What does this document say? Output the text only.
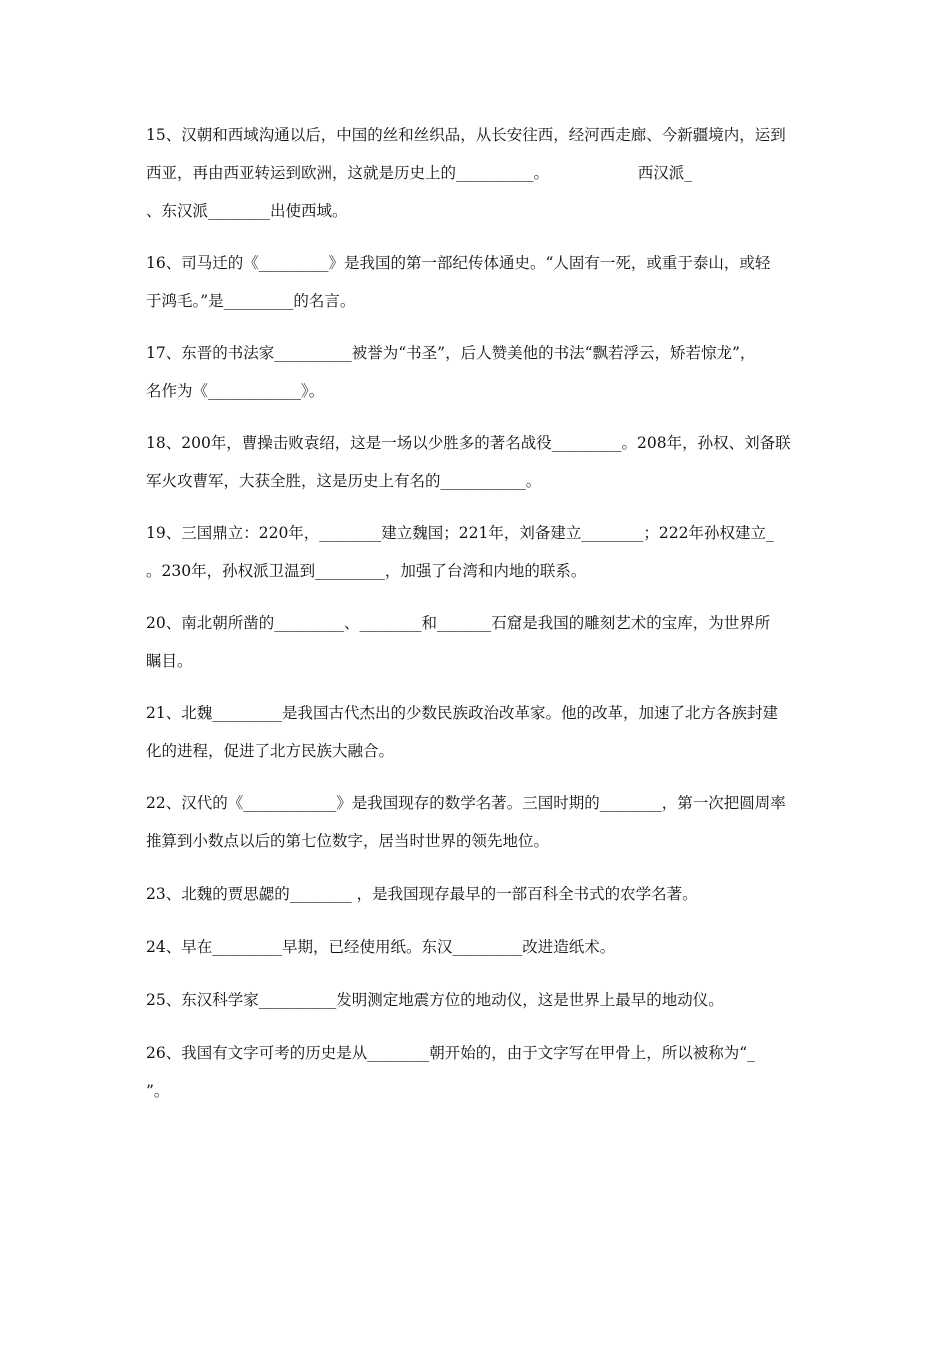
15、汉朝和西域沟通以后，中国的丝和丝织品，从长安往西，经河西走廊、今新疆境内，运到
西亚，再由西亚转运到欧洲，这就是历史上的__________。                  西汉派_
、东汉派________出使西域。
16、司马迁的《_________》是我国的第一部纪传体通史。“人固有一死，或重于泰山，或轻
于鸿毛。”是_________的名言。
17、东晋的书法家__________被誉为“书圣”，后人赞美他的书法“飘若浮云，矫若惊龙”，
名作为《____________》。
18、200年，曹操击败袁绍，这是一场以少胜多的著名战役_________。208年，孙权、刘备联
军火攻曹军，大获全胜，这是历史上有名的___________。
19、三国鼎立：220年，________建立魏国；221年，刘备建立________；222年孙权建立_
。230年，孙权派卫温到_________，加强了台湾和内地的联系。
20、南北朝所凿的_________、________和_______石窟是我国的雕刻艺术的宝库，为世界所
瞩目。
21、北魏_________是我国古代杰出的少数民族政治改革家。他的改革，加速了北方各族封建
化的进程，促进了北方民族大融合。
22、汉代的《____________》是我国现存的数学名著。三国时期的________，第一次把圆周率
推算到小数点以后的第七位数字，居当时世界的领先地位。
23、北魏的贾思勰的________ ，是我国现存最早的一部百科全书式的农学名著。
24、早在_________早期，已经使用纸。东汉_________改进造纸术。
25、东汉科学家__________发明测定地震方位的地动仪，这是世界上最早的地动仪。
26、我国有文字可考的历史是从________朝开始的，由于文字写在甲骨上，所以被称为“_
”。
